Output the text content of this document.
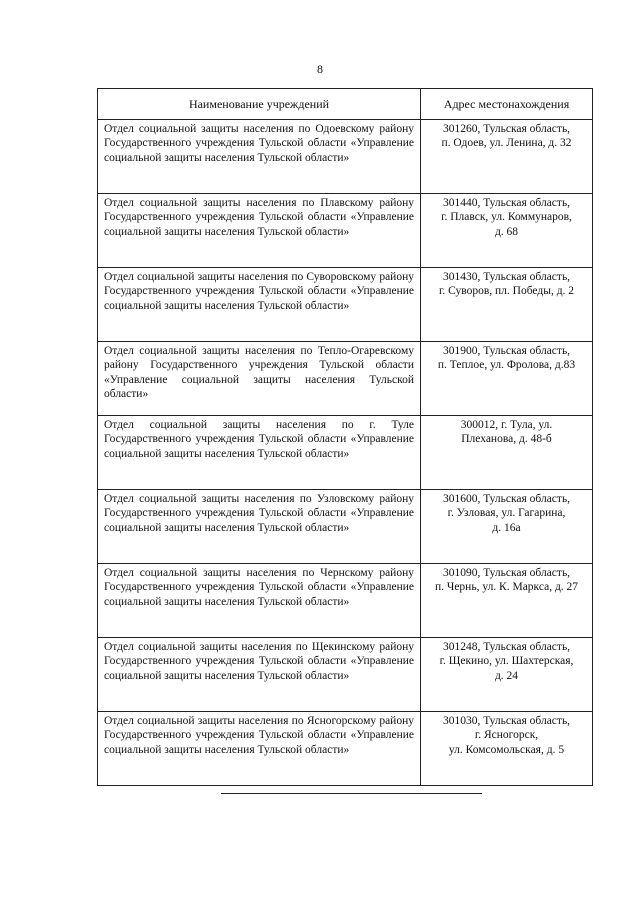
8
Наименование учреждений	Адрес местонахождения
Отдел социальной защиты населения по Одоевскому району Государственного учреждения Тульской области «Управление социальной защиты населения Тульской области»	301260, Тульская область,
п. Одоев, ул. Ленина, д. 32

Отдел социальной защиты населения по Плавскому району Государственного учреждения Тульской области «Управление социальной защиты населения Тульской области»	301440, Тульская область,
г. Плавск, ул. Коммунаров,
д. 68

Отдел социальной защиты населения по Суворовскому району Государственного учреждения Тульской области «Управление социальной защиты населения Тульской области»	301430, Тульская область,
г. Суворов, пл. Победы, д. 2

Отдел социальной защиты населения по Тепло-Огаревскому району Государственного учреждения Тульской области «Управление социальной защиты населения Тульской области»	301900, Тульская область,
п. Теплое, ул. Фролова, д.83

Отдел социальной защиты населения по г. Туле Государственного учреждения Тульской области «Управление социальной защиты населения Тульской области»	300012, г. Тула, ул.
Плеханова, д. 48-б

Отдел социальной защиты населения по Узловскому району Государственного учреждения Тульской области «Управление социальной защиты населения Тульской области»	301600, Тульская область,
г. Узловая, ул. Гагарина,
д. 16а

Отдел социальной защиты населения по Чернскому району Государственного учреждения Тульской области «Управление социальной защиты населения Тульской области»	301090, Тульская область,
п. Чернь, ул. К. Маркса, д. 27

Отдел социальной защиты населения по Щекинскому району Государственного учреждения Тульской области «Управление социальной защиты населения Тульской области»	301248, Тульская область,
г. Щекино, ул. Шахтерская,
д. 24

Отдел социальной защиты населения по Ясногорскому району Государственного учреждения Тульской области «Управление социальной защиты населения Тульской области»	301030, Тульская область,
г. Ясногорск,
ул. Комсомольская, д. 5
